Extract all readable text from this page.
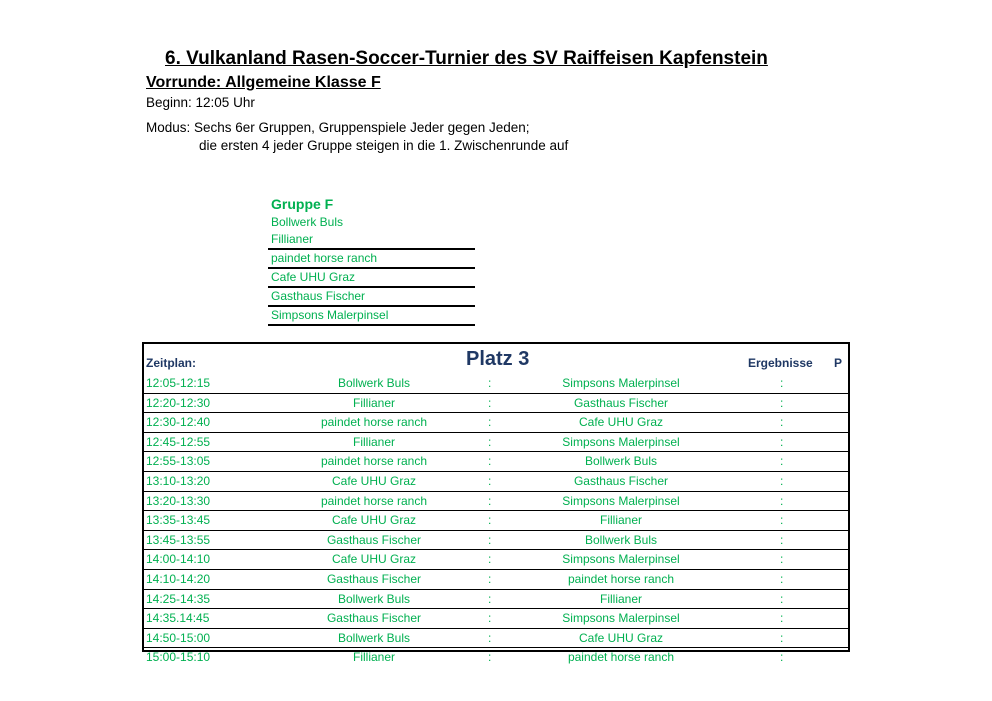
6. Vulkanland Rasen-Soccer-Turnier des SV Raiffeisen Kapfenstein
Vorrunde: Allgemeine Klasse F
Beginn: 12:05 Uhr
Modus: Sechs 6er Gruppen, Gruppenspiele Jeder gegen Jeden;
die ersten 4 jeder Gruppe steigen in die 1. Zwischenrunde auf
Gruppe F
Bollwerk Buls
Fillianer
paindet horse ranch
Cafe UHU Graz
Gasthaus Fischer
Simpsons Malerpinsel
Zeitplan:	Platz 3	Ergebnisse P
12:05-12:15	Bollwerk Buls	:	Simpsons Malerpinsel	:
12:20-12:30	Fillianer	:	Gasthaus Fischer	:
12:30-12:40	paindet horse ranch	:	Cafe UHU Graz	:
12:45-12:55	Fillianer	:	Simpsons Malerpinsel	:
12:55-13:05	paindet horse ranch	:	Bollwerk Buls	:
13:10-13:20	Cafe UHU Graz	:	Gasthaus Fischer	:
13:20-13:30	paindet horse ranch	:	Simpsons Malerpinsel	:
13:35-13:45	Cafe UHU Graz	:	Fillianer	:
13:45-13:55	Gasthaus Fischer	:	Bollwerk Buls	:
14:00-14:10	Cafe UHU Graz	:	Simpsons Malerpinsel	:
14:10-14:20	Gasthaus Fischer	:	paindet horse ranch	:
14:25-14:35	Bollwerk Buls	:	Fillianer	:
14:35.14:45	Gasthaus Fischer	:	Simpsons Malerpinsel	:
14:50-15:00	Bollwerk Buls	:	Cafe UHU Graz	:
15:00-15:10	Fillianer	:	paindet horse ranch	:
